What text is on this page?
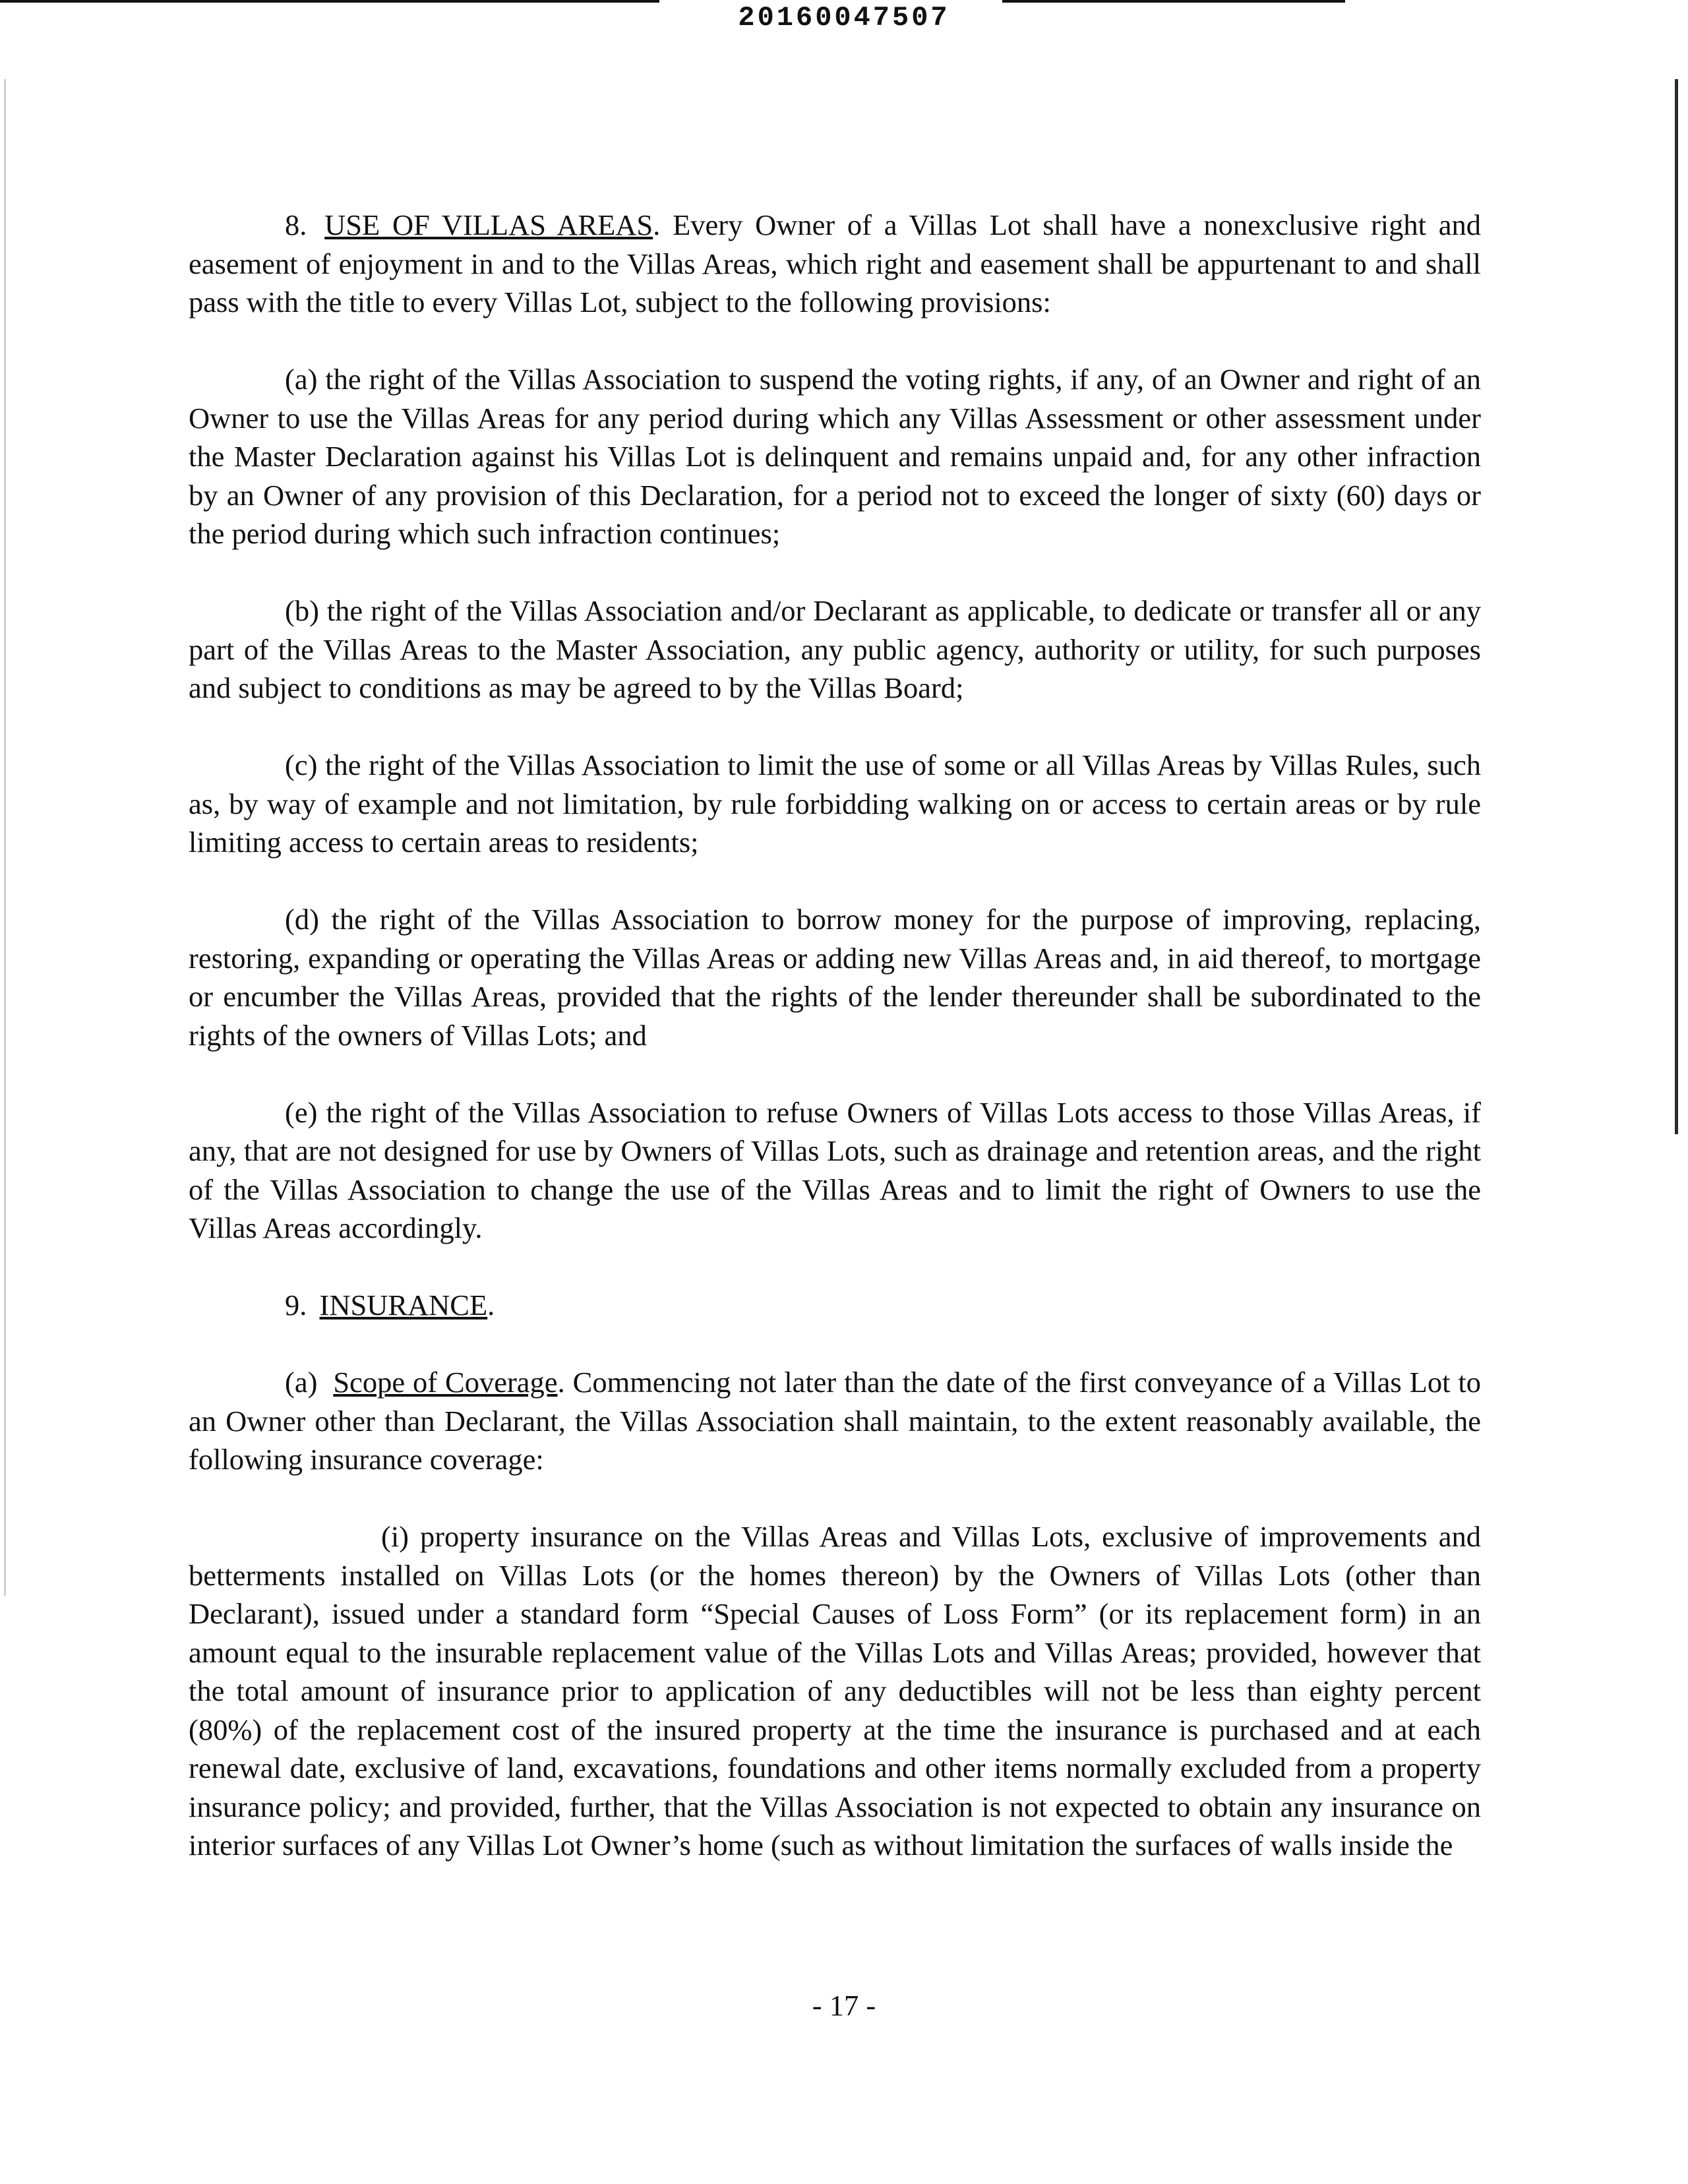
20160047507

8. USE OF VILLAS AREAS. Every Owner of a Villas Lot shall have a nonexclusive right and easement of enjoyment in and to the Villas Areas, which right and easement shall be appurtenant to and shall pass with the title to every Villas Lot, subject to the following provisions:

(a) the right of the Villas Association to suspend the voting rights, if any, of an Owner and right of an Owner to use the Villas Areas for any period during which any Villas Assessment or other assessment under the Master Declaration against his Villas Lot is delinquent and remains unpaid and, for any other infraction by an Owner of any provision of this Declaration, for a period not to exceed the longer of sixty (60) days or the period during which such infraction continues;

(b) the right of the Villas Association and/or Declarant as applicable, to dedicate or transfer all or any part of the Villas Areas to the Master Association, any public agency, authority or utility, for such purposes and subject to conditions as may be agreed to by the Villas Board;

(c) the right of the Villas Association to limit the use of some or all Villas Areas by Villas Rules, such as, by way of example and not limitation, by rule forbidding walking on or access to certain areas or by rule limiting access to certain areas to residents;

(d) the right of the Villas Association to borrow money for the purpose of improving, replacing, restoring, expanding or operating the Villas Areas or adding new Villas Areas and, in aid thereof, to mortgage or encumber the Villas Areas, provided that the rights of the lender thereunder shall be subordinated to the rights of the owners of Villas Lots; and

(e) the right of the Villas Association to refuse Owners of Villas Lots access to those Villas Areas, if any, that are not designed for use by Owners of Villas Lots, such as drainage and retention areas, and the right of the Villas Association to change the use of the Villas Areas and to limit the right of Owners to use the Villas Areas accordingly.

9. INSURANCE.

(a) Scope of Coverage. Commencing not later than the date of the first conveyance of a Villas Lot to an Owner other than Declarant, the Villas Association shall maintain, to the extent reasonably available, the following insurance coverage:

(i) property insurance on the Villas Areas and Villas Lots, exclusive of improvements and betterments installed on Villas Lots (or the homes thereon) by the Owners of Villas Lots (other than Declarant), issued under a standard form “Special Causes of Loss Form” (or its replacement form) in an amount equal to the insurable replacement value of the Villas Lots and Villas Areas; provided, however that the total amount of insurance prior to application of any deductibles will not be less than eighty percent (80%) of the replacement cost of the insured property at the time the insurance is purchased and at each renewal date, exclusive of land, excavations, foundations and other items normally excluded from a property insurance policy; and provided, further, that the Villas Association is not expected to obtain any insurance on interior surfaces of any Villas Lot Owner’s home (such as without limitation the surfaces of walls inside the

- 17 -
